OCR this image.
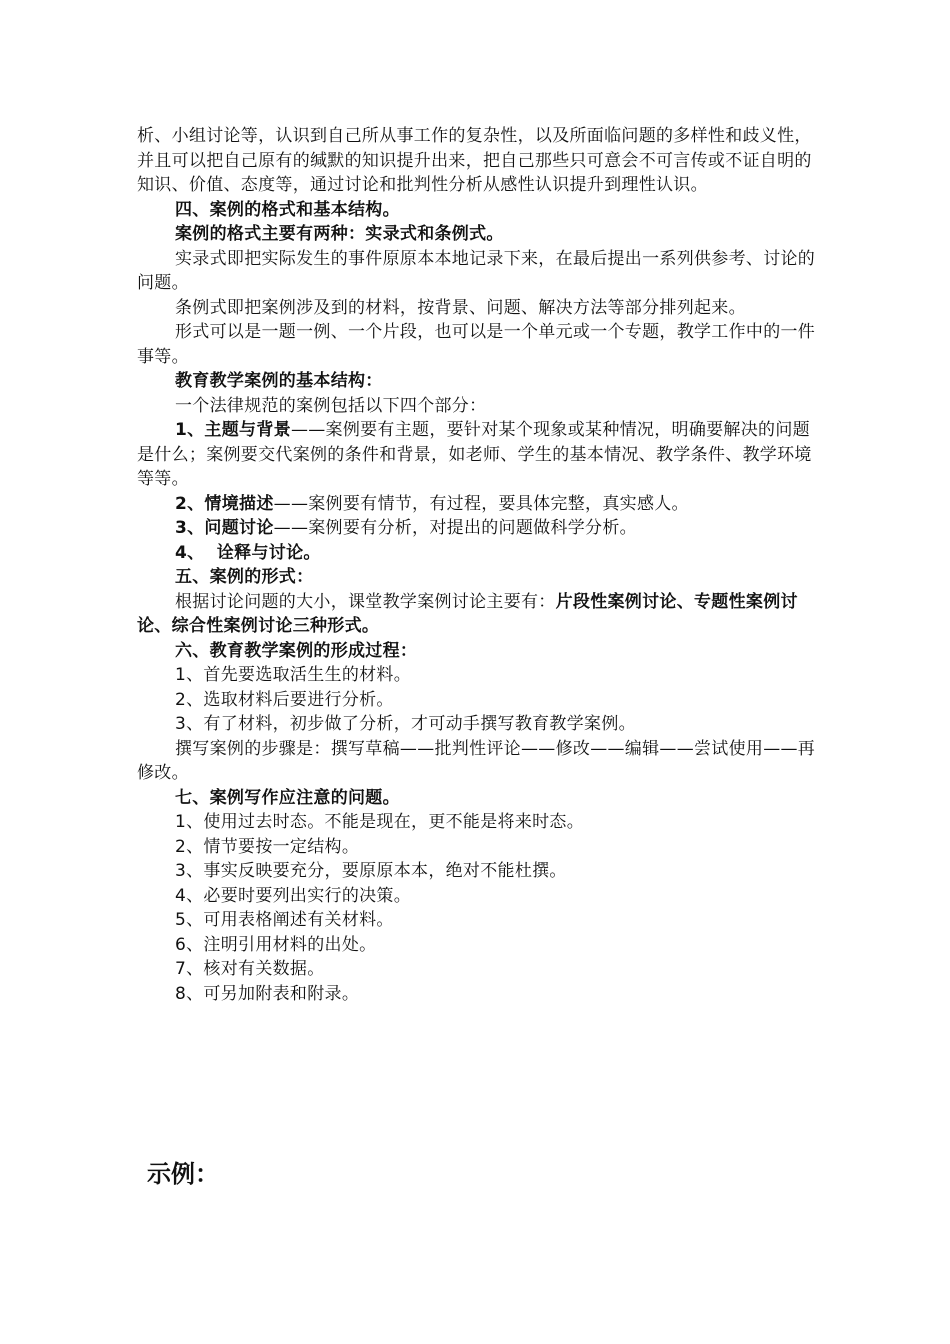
析、小组讨论等，认识到自己所从事工作的复杂性，以及所面临问题的多样性和歧义性，并且可以把自己原有的缄默的知识提升出来，把自己那些只可意会不可言传或不证自明的知识、价值、态度等，通过讨论和批判性分析从感性认识提升到理性认识。

四、案例的格式和基本结构。

案例的格式主要有两种：实录式和条例式。

实录式即把实际发生的事件原原本本地记录下来，在最后提出一系列供参考、讨论的问题。

条例式即把案例涉及到的材料，按背景、问题、解决方法等部分排列起来。

形式可以是一题一例、一个片段，也可以是一个单元或一个专题，教学工作中的一件事等。

教育教学案例的基本结构：

一个法律规范的案例包括以下四个部分：

1、主题与背景——案例要有主题，要针对某个现象或某种情况，明确要解决的问题是什么；案例要交代案例的条件和背景，如老师、学生的基本情况、教学条件、教学环境等等。

2、情境描述——案例要有情节，有过程，要具体完整，真实感人。

3、问题讨论——案例要有分析，对提出的问题做科学分析。

4、  诠释与讨论。

五、案例的形式：

根据讨论问题的大小，课堂教学案例讨论主要有：片段性案例讨论、专题性案例讨论、综合性案例讨论三种形式。

六、教育教学案例的形成过程：

1、首先要选取活生生的材料。

2、选取材料后要进行分析。

3、有了材料，初步做了分析，才可动手撰写教育教学案例。

撰写案例的步骤是：撰写草稿——批判性评论——修改——编辑——尝试使用——再修改。

七、案例写作应注意的问题。

1、使用过去时态。不能是现在，更不能是将来时态。

2、情节要按一定结构。

3、事实反映要充分，要原原本本，绝对不能杜撰。

4、必要时要列出实行的决策。

5、可用表格阐述有关材料。

6、注明引用材料的出处。

7、核对有关数据。

8、可另加附表和附录。

示例：
